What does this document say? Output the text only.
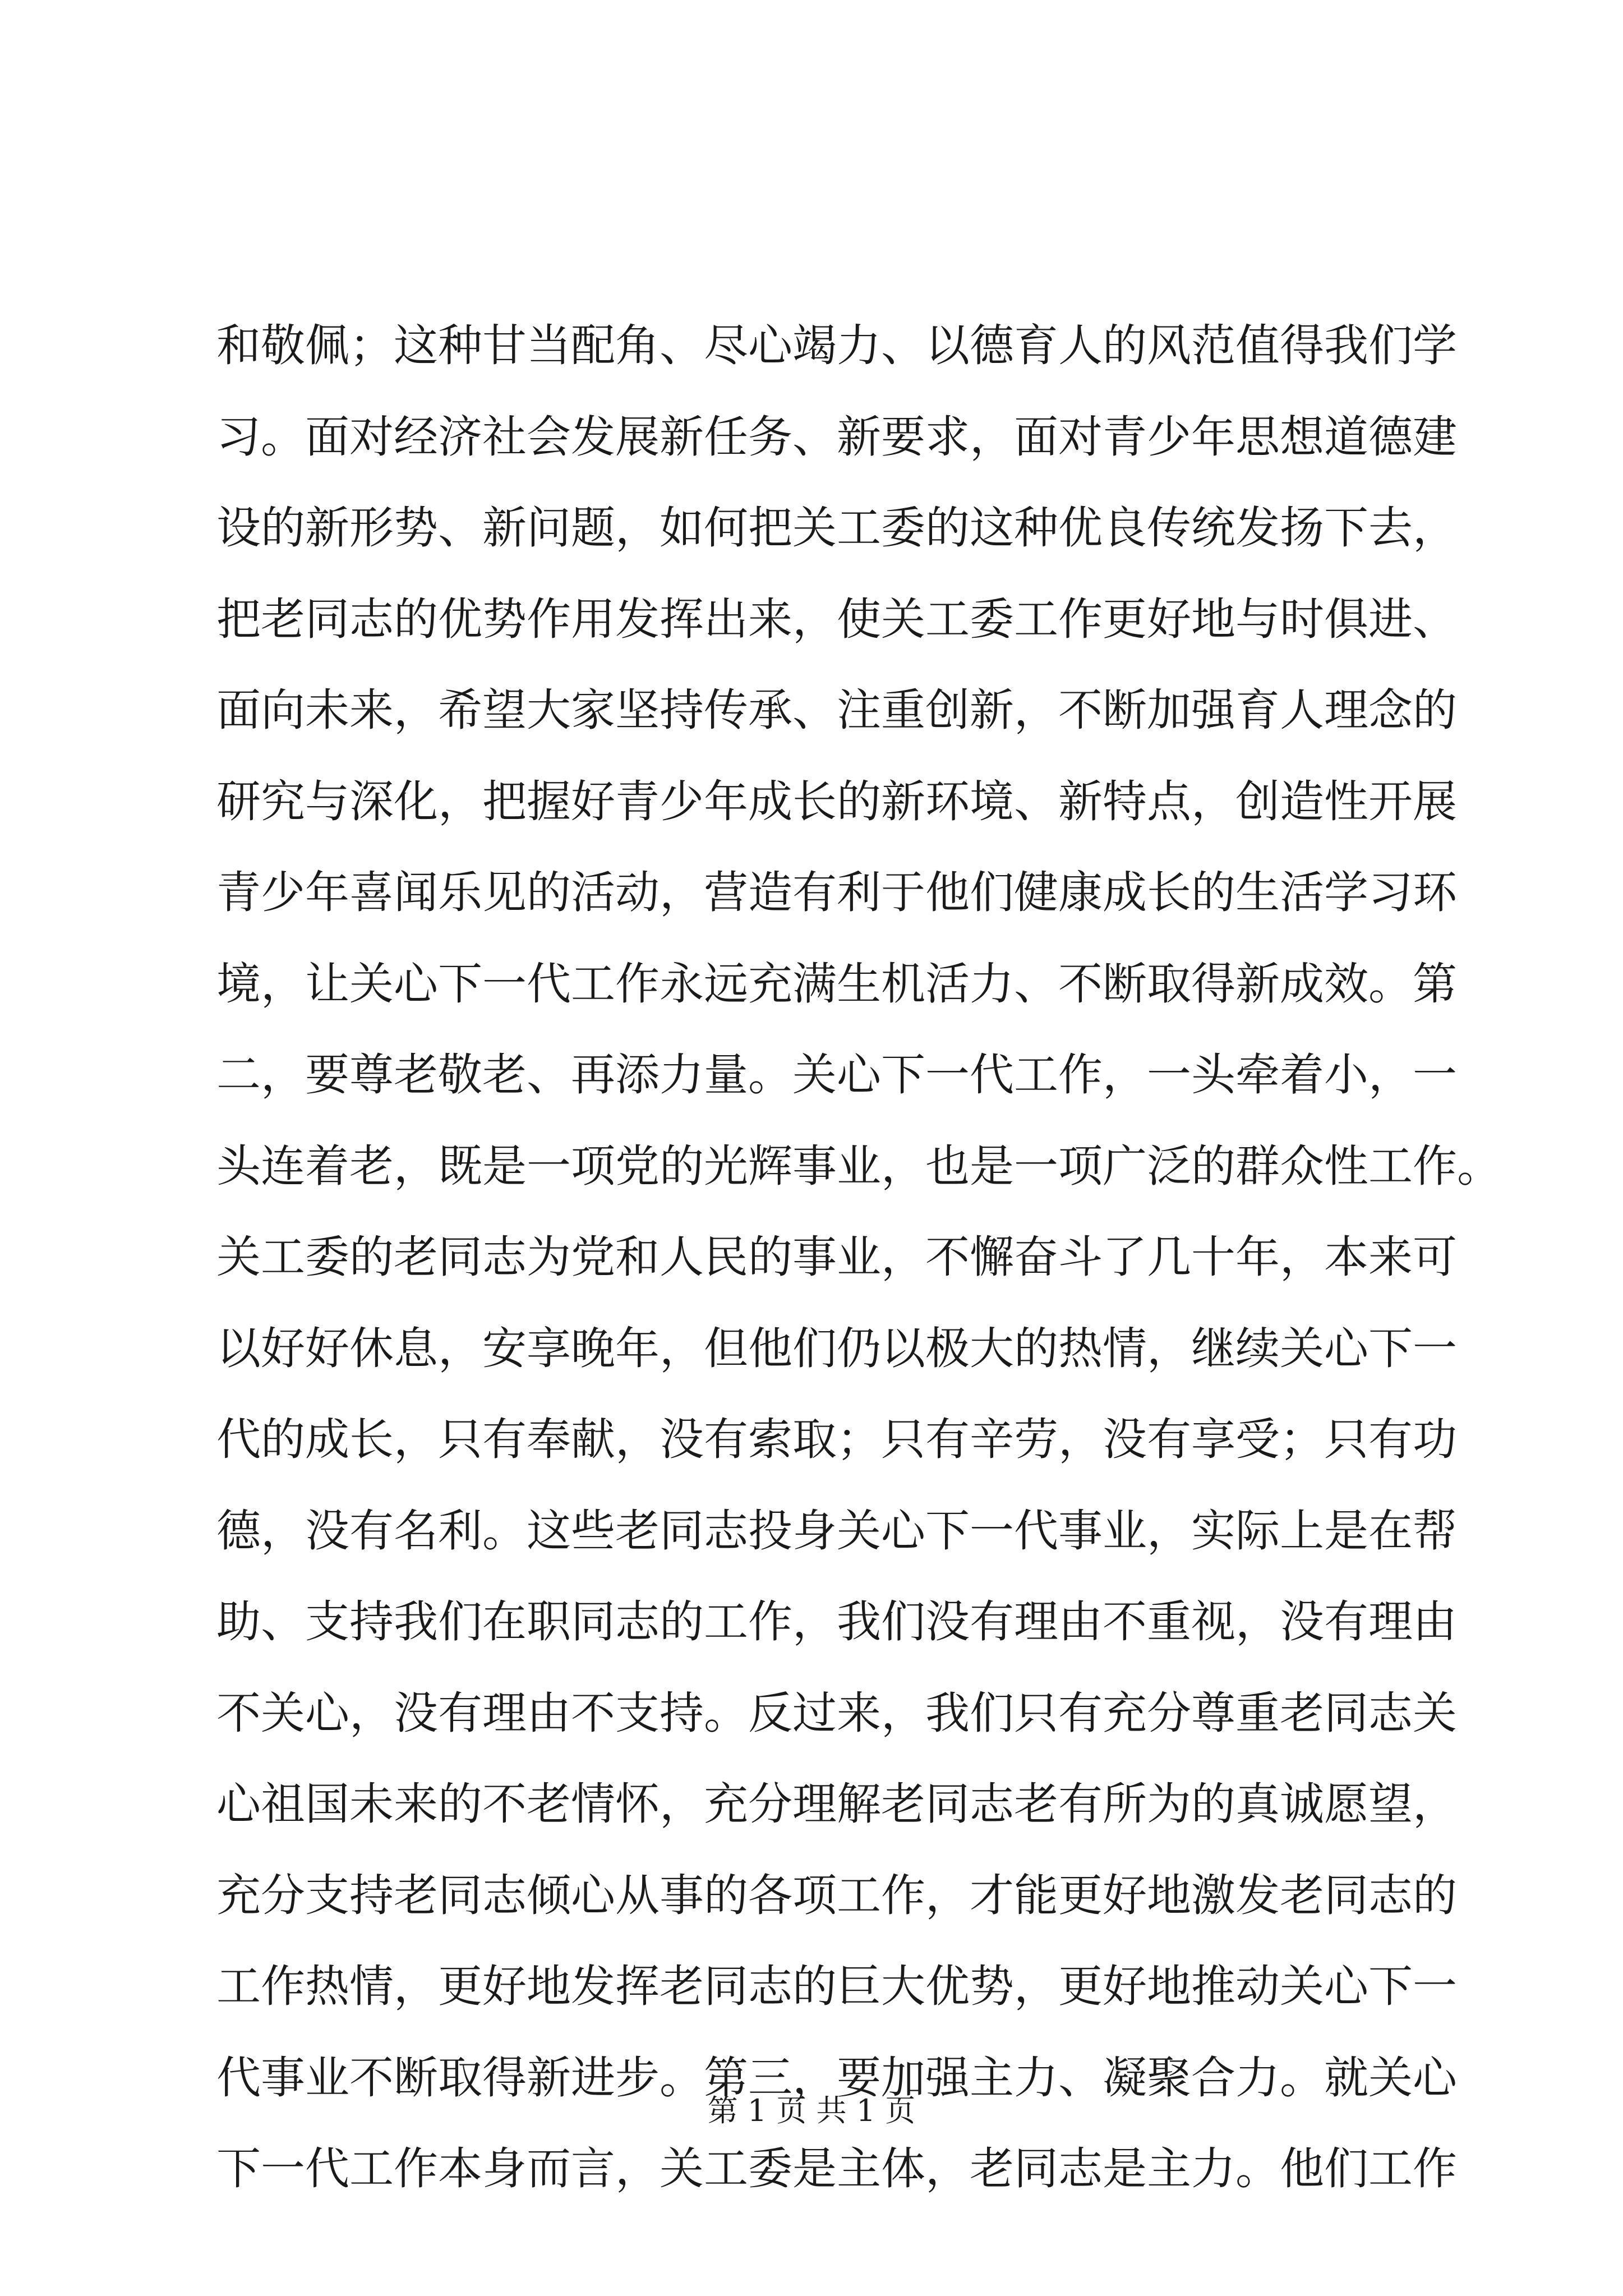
和敬佩；这种甘当配角、尽心竭力、以德育人的风范值得我们学
习。面对经济社会发展新任务、新要求，面对青少年思想道德建
设的新形势、新问题，如何把关工委的这种优良传统发扬下去，
把老同志的优势作用发挥出来，使关工委工作更好地与时俱进、
面向未来，希望大家坚持传承、注重创新，不断加强育人理念的
研究与深化，把握好青少年成长的新环境、新特点，创造性开展
青少年喜闻乐见的活动，营造有利于他们健康成长的生活学习环
境，让关心下一代工作永远充满生机活力、不断取得新成效。第
二，要尊老敬老、再添力量。关心下一代工作，一头牵着小，一
头连着老，既是一项党的光辉事业，也是一项广泛的群众性工作。
关工委的老同志为党和人民的事业，不懈奋斗了几十年，本来可
以好好休息，安享晚年，但他们仍以极大的热情，继续关心下一
代的成长，只有奉献，没有索取；只有辛劳，没有享受；只有功
德，没有名利。这些老同志投身关心下一代事业，实际上是在帮
助、支持我们在职同志的工作，我们没有理由不重视，没有理由
不关心，没有理由不支持。反过来，我们只有充分尊重老同志关
心祖国未来的不老情怀，充分理解老同志老有所为的真诚愿望，
充分支持老同志倾心从事的各项工作，才能更好地激发老同志的
工作热情，更好地发挥老同志的巨大优势，更好地推动关心下一
代事业不断取得新进步。第三，要加强主力、凝聚合力。就关心
下一代工作本身而言，关工委是主体，老同志是主力。他们工作
第 1 页 共 1 页
